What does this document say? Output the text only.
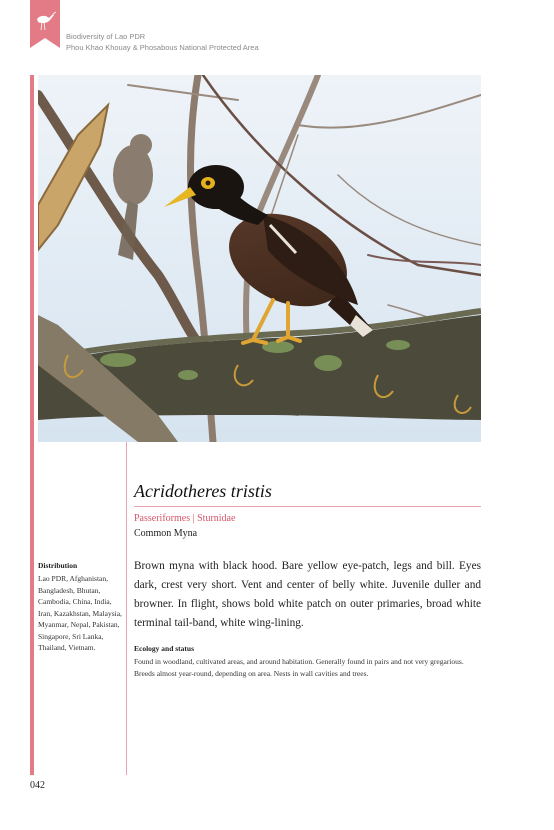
Biodiversity of Lao PDR
Phou Khao Khouay & Phosabous National Protected Area
Acridotheres tristis
Passeriformes | Sturnidae
Common Myna
Brown myna with black hood. Bare yellow eye-patch, legs and bill. Eyes dark, crest very short. Vent and center of belly white. Juvenile duller and browner. In flight, shows bold white patch on outer primaries, broad white terminal tail-band, white wing-lining.
Ecology and status
Found in woodland, cultivated areas, and around habitation. Generally found in pairs and not very gregarious. Breeds almost year-round, depending on area. Nests in wall cavities and trees.
Distribution
Lao PDR, Afghanistan, Bangladesh, Bhutan, Cambodia, China, India, Iran, Kazakhstan, Malaysia, Myanmar, Nepal, Pakistan, Singapore, Sri Lanka, Thailand, Vietnam.
042
